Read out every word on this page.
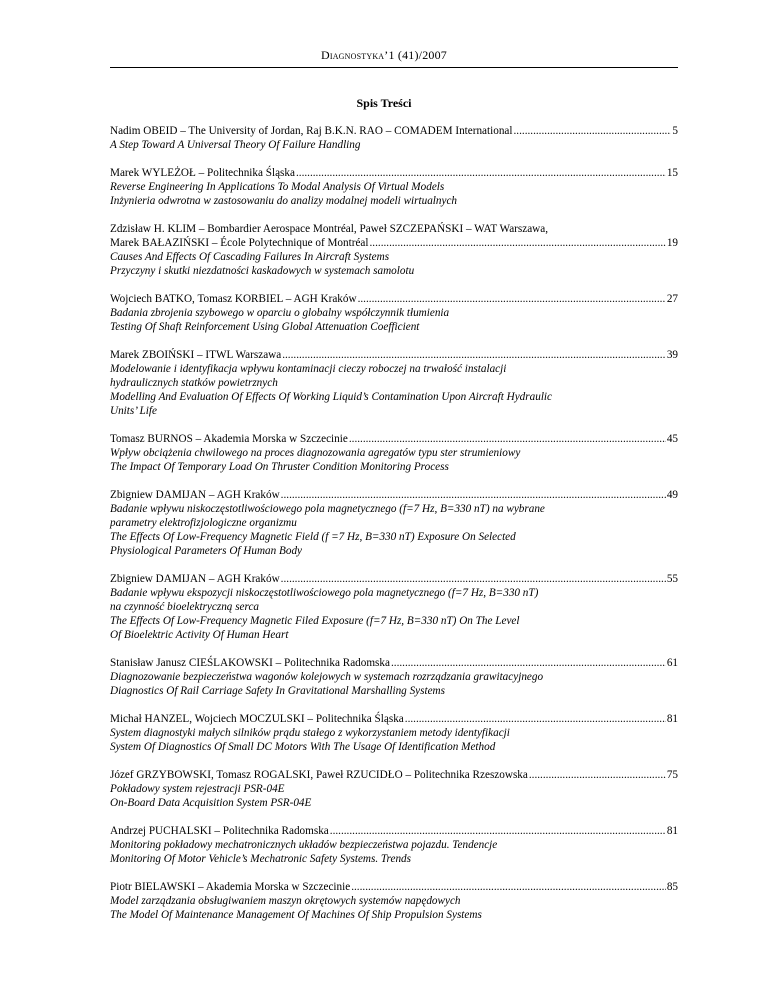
Diagnostyka’1 (41)/2007
Spis Treści
Nadim OBEID – The University of Jordan, Raj B.K.N. RAO – COMADEM International .....	5
A Step Toward A Universal Theory Of Failure Handling
Marek WYLEŻOŁ – Politechnika Śląska .....	15
Reverse Engineering In Applications To Modal Analysis Of Virtual Models
Inżynieria odwrotna w zastosowaniu do analizy modalnej modeli wirtualnych
Zdzisław H. KLIM – Bombardier Aerospace Montréal, Paweł SZCZEPAŃSKI – WAT Warszawa,
Marek BAŁAZIŃSKI – École Polytechnique of Montréal .....	19
Causes And Effects Of Cascading Failures In Aircraft Systems
Przyczyny i skutki niezdatności kaskadowych w systemach samolotu
Wojciech BATKO, Tomasz KORBIEL – AGH Kraków .....	27
Badania zbrojenia szybowego w oparciu o globalny współczynnik tłumienia
Testing Of Shaft Reinforcement Using Global Attenuation Coefficient
Marek ZBOIŃSKI – ITWL Warszawa .....	39
Modelowanie i identyfikacja wpływu kontaminacji cieczy roboczej na trwałość instalacji
hydraulicznych statków powietrznych
Modelling And Evaluation Of Effects Of Working Liquid’s Contamination Upon Aircraft Hydraulic
Units’ Life
Tomasz BURNOS – Akademia Morska w Szczecinie .....	45
Wpływ obciążenia chwilowego na proces diagnozowania agregatów typu ster strumieniowy
The Impact Of Temporary Load On Thruster Condition Monitoring Process
Zbigniew DAMIJAN – AGH Kraków .....	49
Badanie wpływu niskoczęstotliwościowego pola magnetycznego (f=7 Hz, B=330 nT) na wybrane
parametry elektrofizjologiczne organizmu
The Effects Of Low-Frequency Magnetic Field (f =7 Hz, B=330 nT) Exposure On Selected
Physiological Parameters Of Human Body
Zbigniew DAMIJAN – AGH Kraków .....	55
Badanie wpływu ekspozycji niskoczęstotliwościowego pola magnetycznego (f=7 Hz, B=330 nT)
na czynność bioelektryczną serca
The Effects Of Low-Frequency Magnetic Filed Exposure (f=7 Hz, B=330 nT) On The Level
Of Bioelektric Activity Of Human Heart
Stanisław Janusz CIEŚLAKOWSKI – Politechnika Radomska .....	61
Diagnozowanie bezpieczeństwa wagonów kolejowych w systemach rozrządzania grawitacyjnego
Diagnostics Of Rail Carriage Safety In Gravitational Marshalling Systems
Michał HANZEL, Wojciech MOCZULSKI – Politechnika Śląska .....	81
System diagnostyki małych silników prądu stałego z wykorzystaniem metody identyfikacji
System Of Diagnostics Of Small DC Motors With The Usage Of Identification Method
Józef GRZYBOWSKI, Tomasz ROGALSKI, Paweł RZUCIDŁO – Politechnika Rzeszowska .....	75
Pokładowy system rejestracji PSR-04E
On-Board Data Acquisition System PSR-04E
Andrzej PUCHALSKI – Politechnika Radomska .....	81
Monitoring pokładowy mechatronicznych układów bezpieczeństwa pojazdu. Tendencje
Monitoring Of Motor Vehicle’s Mechatronic Safety Systems. Trends
Piotr BIELAWSKI – Akademia Morska w Szczecinie .....	85
Model zarządzania obsługiwaniem maszyn okrętowych systemów napędowych
The Model Of Maintenance Management Of Machines Of Ship Propulsion Systems
